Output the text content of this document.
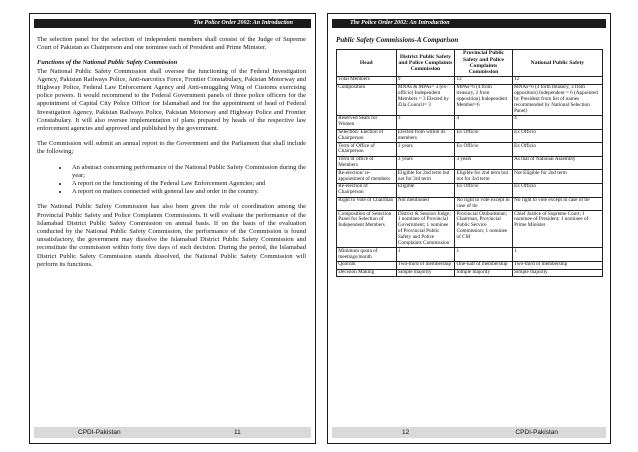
The Police Order 2002: An Introduction

The selection panel for the selection of independent members shall consist of the Judge of Supreme Court of Pakistan as Chairperson and one nominee each of President and Prime Minister.

Functions of the National Public Safety Commission

The National Public Safety Commission shall oversee the functioning of the Federal Investigation Agency, Pakistan Railways Police, Anti-narcotics Force, Frontier Constabulary, Pakistan Motorway and Highway Police, Federal Law Enforcement Agency and Anti-smuggling Wing of Customs exercising police powers. It would recommend to the Federal Government panels of three police officers for the appointment of Capital City Police Officer for Islamabad and for the appointment of head of Federal Investigation Agency, Pakistan Railways Police, Pakistan Motorway and Highway Police and Frontier Constabulary. It will also oversee implementation of plans prepared by heads of the respective law enforcement agencies and approved and published by the government.

The Commission will submit an annual report to the Government and the Parliament that shall include the following;

• An abstract concerning performance of the National Public Safety Commission during the year;
• A report on the functioning of the Federal Law Enforcement Agencies; and
• A report on matters connected with general law and order in the country.

The National Public Safety Commission has also been given the role of coordination among the Provincial Public Safety and Police Complaints Commissions. It will evaluate the performance of the Islamabad District Public Safety Commission on annual basis. If on the basis of the evaluation conducted by the National Public Safety Commission, the performance of the Commission is found unsatisfactory, the government may dissolve the Islamabad District Public Safety Commission and reconstitute the commission within forty five days of such decision. During the period, the Islamabad District Public Safety Commission stands dissolved, the National Public Safety Commission will perform its functions.

CPDI-Pakistan	11
The Police Order 2002: An Introduction
Public Safety Commissions-A Comparison
Head	District Public Safety and Police Complaints Commission	Provincial Public Safety and Police Complaints Commission	National Public Safety
Total Members	9	12	12
Composition	MNAs & MPAs= 3 (ex-officio) Independent Members = 3 Elected by Zila Council= 3	MPAs=6 (4 from treasury, 2 from opposition) Independent Member=6	MNAs=6 (3 form treasury, 3 from opposition) Independent = 6 (Appointed by President from list of names recommended by National Selection Panel)
Reserved Seats for Women	3	4	4
Selection/ Election of Chairperson	Elected from within its members	Ex Officio	Ex Officio
Term of Office of Chairperson	3 years	Ex Officio	Ex Officio
Term of office of Members	3 years	3 years	As that of National Assembly
Re-election/ re-appointment of members	Eligible for 2nd term but not for 3rd term	Eligible for 2nd term but not for 3rd term	Not Eligible for 2nd term
Re-election of Chairperson	Eligible	Ex Officio	Ex Officio
Right to Vote of Chairman	Not mentioned	No right to vote except in case of tie	No right to vote except in case of tie
Composition of Selection Panel for Selection of Independent Members	District & Session Judge; 1 nominee of Provincial Government; 1 nominee of Provincial Public Safety and Police Complaints Commission	Provincial Ombudsman; Chairman, Provincial Public Service Commission; 1 nominee of CM	Chief Justice of Supreme Court; 1 nominee of President; 1 nominee of Prime Minister
Minimum quota of meetings/month	1	1	1
Quorum	Two-third of membership	One-half of membership	Two-third of membership
Decision Making	Simple majority	Simple majority	Simple majority
12	CPDI-Pakistan
